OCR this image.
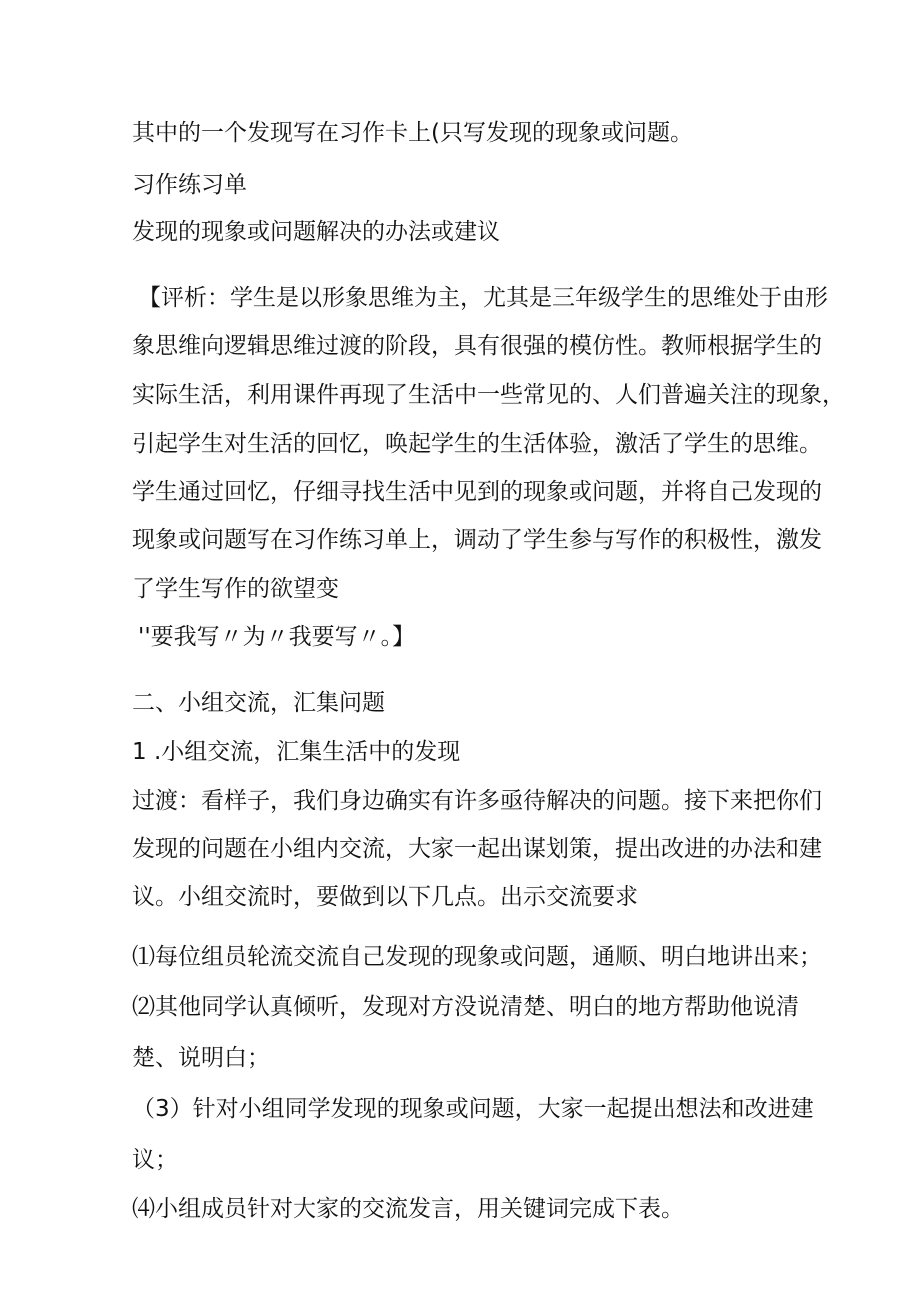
其中的一个发现写在习作卡上(只写发现的现象或问题。

习作练习单

发现的现象或问题解决的办法或建议

【评析：学生是以形象思维为主，尤其是三年级学生的思维处于由形

象思维向逻辑思维过渡的阶段，具有很强的模仿性。教师根据学生的

实际生活，利用课件再现了生活中一些常见的、人们普遍关注的现象，

引起学生对生活的回忆，唤起学生的生活体验，激活了学生的思维。

学生通过回忆，仔细寻找生活中见到的现象或问题，并将自己发现的

现象或问题写在习作练习单上，调动了学生参与写作的积极性，激发

了学生写作的欲望变

''要我写〃为〃我要写〃。】

二、小组交流，汇集问题

1 .小组交流，汇集生活中的发现

过渡：看样子，我们身边确实有许多亟待解决的问题。接下来把你们

发现的问题在小组内交流，大家一起出谋划策，提出改进的办法和建

议。小组交流时，要做到以下几点。出示交流要求

⑴每位组员轮流交流自己发现的现象或问题，通顺、明白地讲出来；

⑵其他同学认真倾听，发现对方没说清楚、明白的地方帮助他说清

楚、说明白；

（3）针对小组同学发现的现象或问题，大家一起提出想法和改进建

议；

⑷小组成员针对大家的交流发言，用关键词完成下表。
